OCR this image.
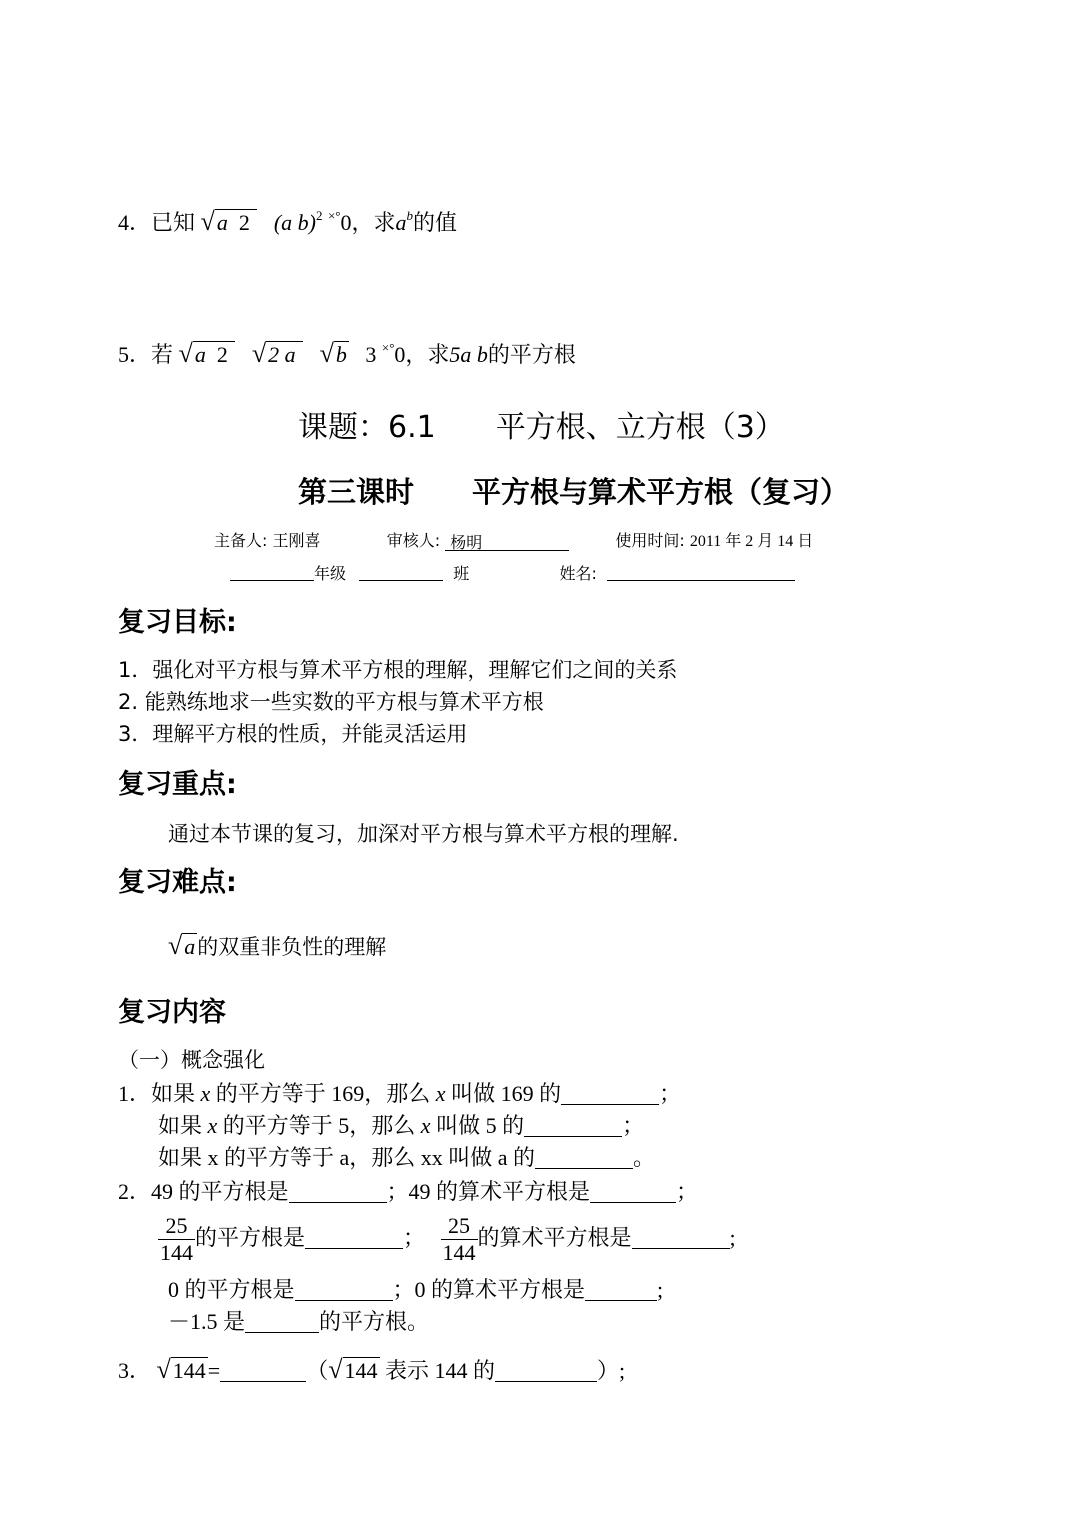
4．已知 √a 2 (a b)$^2$ ×°0，求$a^b$的值
5．若 √a 2 √2 a √b 3 ×°0，求5a b的平方根
课题：6.1　　平方根、立方根（3）
第三课时　　平方根与算术平方根（复习）
主备人: 王刚喜	审核人: 杨明	使用时间: 2011 年 2 月 14 日
年级	班	姓名:
复习目标:
1．强化对平方根与算术平方根的理解，理解它们之间的关系
2. 能熟练地求一些实数的平方根与算术平方根
3．理解平方根的性质，并能灵活运用
复习重点:
通过本节课的复习，加深对平方根与算术平方根的理解.
复习难点:
√a的双重非负性的理解
复习内容
（一）概念强化
1．如果 x 的平方等于 169，那么 x 叫做 169 的	；
如果 x 的平方等于 5，那么 x 叫做 5 的	；
如果 x 的平方等于 a，那么 xx 叫做 a 的	。
2．49 的平方根是	；49 的算术平方根是	；
$\frac{25}{144}$ 的平方根是	； $\frac{25}{144}$ 的算术平方根是	;
0 的平方根是	；0 的算术平方根是	;
－1.5 是	的平方根。
3． √144=	（√144 表示 144 的	）;
